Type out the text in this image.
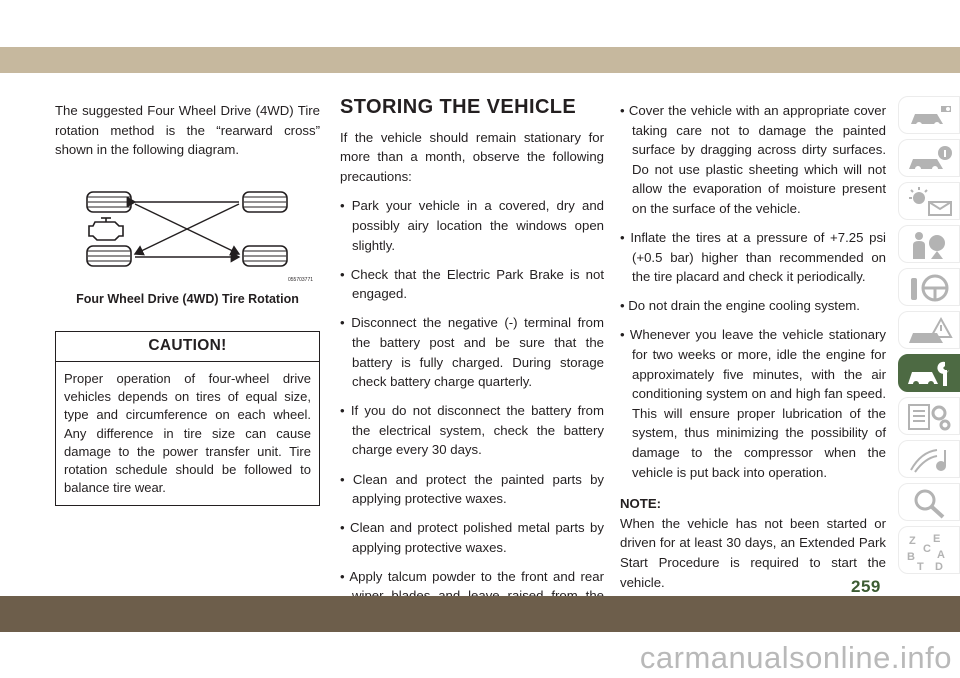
The suggested Four Wheel Drive (4WD) Tire rotation method is the “rearward cross” shown in the following diagram.

055703771
Four Wheel Drive (4WD) Tire Rotation
CAUTION!
Proper operation of four-wheel drive vehicles depends on tires of equal size, type and circumference on each wheel. Any difference in tire size can cause damage to the power transfer unit. Tire rotation schedule should be followed to balance tire wear.
STORING THE VEHICLE

If the vehicle should remain stationary for more than a month, observe the following precautions:

• Park your vehicle in a covered, dry and possibly airy location the windows open slightly.

• Check that the Electric Park Brake is not engaged.

• Disconnect the negative (-) terminal from the battery post and be sure that the battery is fully charged. During storage check battery charge quarterly.

• If you do not disconnect the battery from the electrical system, check the battery charge every 30 days.

• Clean and protect the painted parts by applying protective waxes.

• Clean and protect polished metal parts by applying protective waxes.

• Apply talcum powder to the front and rear

• Cover the vehicle with an appropriate cover taking care not to damage the painted surface by dragging across dirty surfaces. Do not use plastic sheeting which will not allow the evaporation of moisture present on the surface of the vehicle.

• Inflate the tires at a pressure of +7.25 psi (+0.5 bar) higher than recommended on the tire placard and check it periodically.

• Do not drain the engine cooling system.

• Whenever you leave the vehicle stationary for two weeks or more, idle the engine for approximately five minutes, with the air conditioning system on and high fan speed. This will ensure proper lubrication of the system, thus minimizing the possibility of damage to the compressor when the vehicle is put back into operation.

NOTE:

When the vehicle has not been started or driven for at least 30 days, an Extended Park Start Procedure is required to start the vehicle.

Z E
B A
C
D
T
259
carmanualsonline.info
